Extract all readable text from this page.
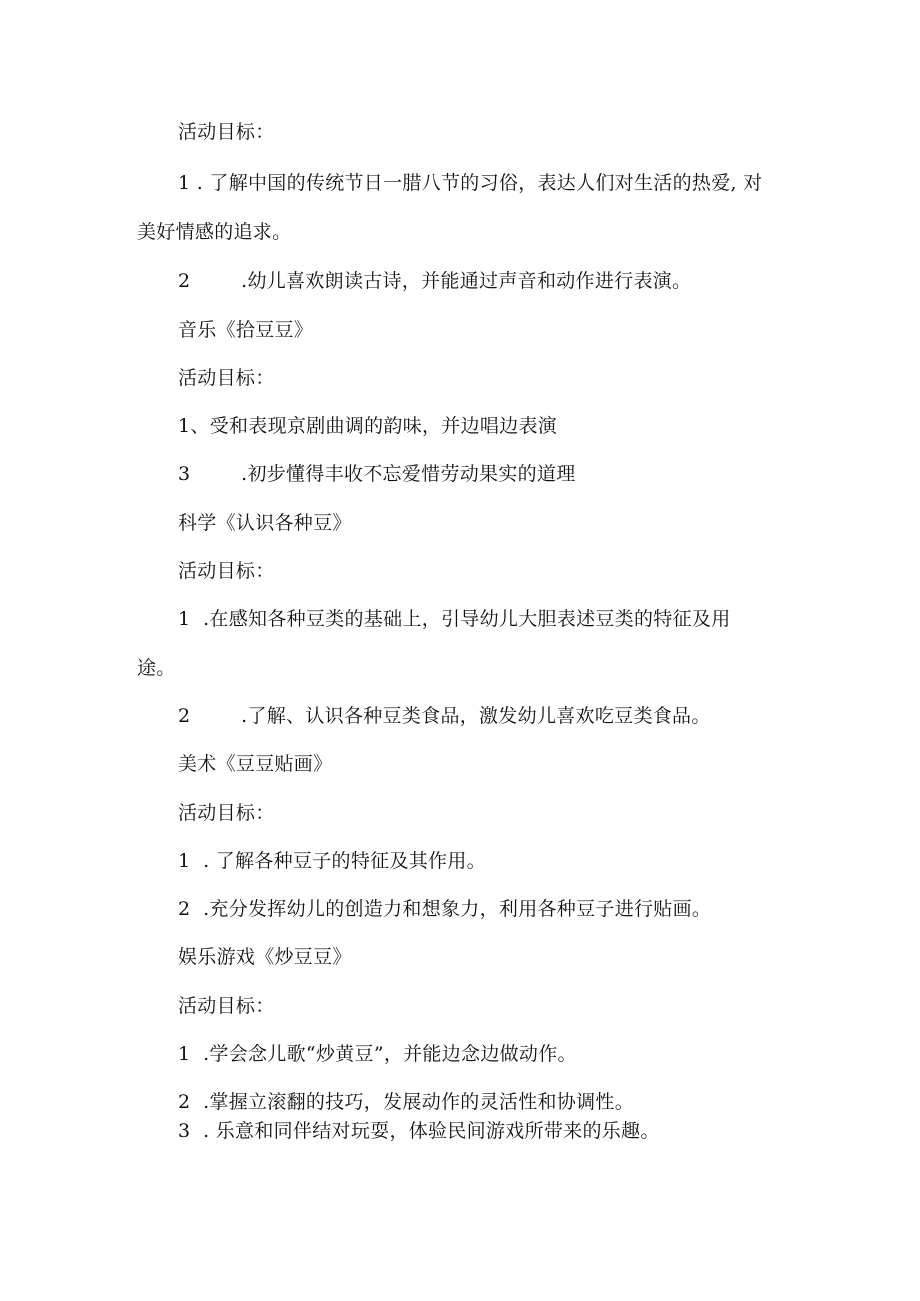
活动目标：
1 . 了解中国的传统节日一腊八节的习俗，表达人们对生活的热爱, 对
美好情感的追求。
2        .幼儿喜欢朗读古诗，并能通过声音和动作进行表演。
音乐《拾豆豆》
活动目标：
1、受和表现京剧曲调的韵味，并边唱边表演
3        .初步懂得丰收不忘爱惜劳动果实的道理
科学《认识各种豆》
活动目标：
1  .在感知各种豆类的基础上，引导幼儿大胆表述豆类的特征及用
途。
2        .了解、认识各种豆类食品，激发幼儿喜欢吃豆类食品。
美术《豆豆贴画》
活动目标：
1  . 了解各种豆子的特征及其作用。
2  .充分发挥幼儿的创造力和想象力，利用各种豆子进行贴画。
娱乐游戏《炒豆豆》
活动目标：
1  .学会念儿歌“炒黄豆”，并能边念边做动作。
2  .掌握立滚翻的技巧，发展动作的灵活性和协调性。
3  . 乐意和同伴结对玩耍，体验民间游戏所带来的乐趣。
